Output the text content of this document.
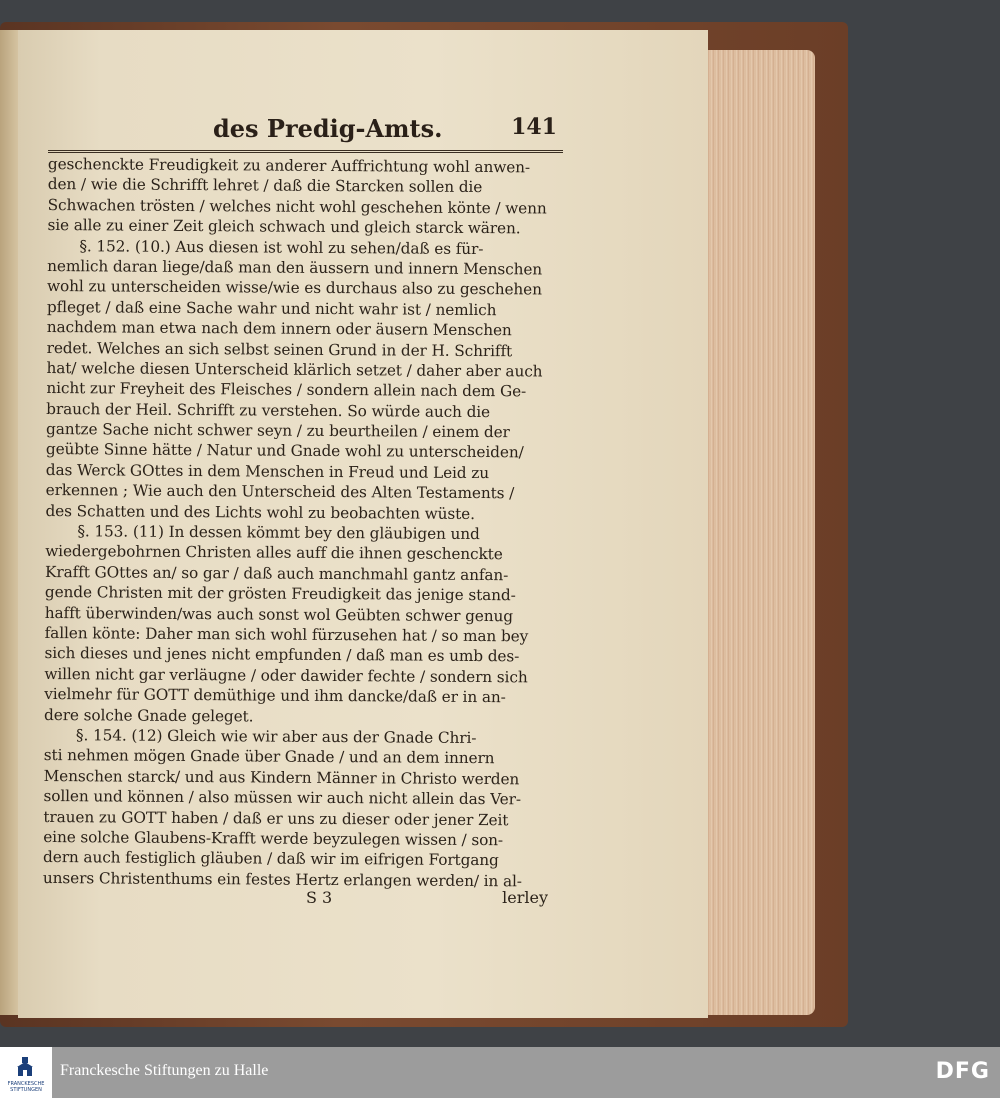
des Predig-Amts.	141
geschenckte Freudigkeit zu anderer Auffrichtung wohl anwen-
den / wie die Schrifft lehret / daß die Starcken sollen die
Schwachen trösten / welches nicht wohl geschehen könte / wenn
sie alle zu einer Zeit gleich schwach und gleich starck wären.
§. 152. (10.) Aus diesen ist wohl zu sehen/daß es für-
nemlich daran liege/daß man den äussern und innern Menschen
wohl zu unterscheiden wisse/wie es durchaus also zu geschehen
pfleget / daß eine Sache wahr und nicht wahr ist / nemlich
nachdem man etwa nach dem innern oder äusern Menschen
redet. Welches an sich selbst seinen Grund in der H. Schrifft
hat/ welche diesen Unterscheid klärlich setzet / daher aber auch
nicht zur Freyheit des Fleisches / sondern allein nach dem Ge-
brauch der Heil. Schrifft zu verstehen. So würde auch die
gantze Sache nicht schwer seyn / zu beurtheilen / einem der
geübte Sinne hätte / Natur und Gnade wohl zu unterscheiden/
das Werck GOttes in dem Menschen in Freud und Leid zu
erkennen ; Wie auch den Unterscheid des Alten Testaments /
des Schatten und des Lichts wohl zu beobachten wüste.
§. 153. (11) In dessen kömmt bey den gläubigen und
wiedergebohrnen Christen alles auff die ihnen geschenckte
Krafft GOttes an/ so gar / daß auch manchmahl gantz anfan-
gende Christen mit der grösten Freudigkeit das jenige stand-
hafft überwinden/was auch sonst wol Geübten schwer genug
fallen könte: Daher man sich wohl fürzusehen hat / so man bey
sich dieses und jenes nicht empfunden / daß man es umb des-
willen nicht gar verläugne / oder dawider fechte / sondern sich
vielmehr für GOTT demüthige und ihm dancke/daß er in an-
dere solche Gnade geleget.
§. 154. (12) Gleich wie wir aber aus der Gnade Chri-
sti nehmen mögen Gnade über Gnade / und an dem innern
Menschen starck/ und aus Kindern Männer in Christo werden
sollen und können / also müssen wir auch nicht allein das Ver-
trauen zu GOTT haben / daß er uns zu dieser oder jener Zeit
eine solche Glaubens-Krafft werde beyzulegen wissen / son-
dern auch festiglich gläuben / daß wir im eifrigen Fortgang
unsers Christenthums ein festes Hertz erlangen werden/ in al-
S 3	lerley
FRANCKESCHE STIFTUNGEN
Franckesche Stiftungen zu Halle	DFG
